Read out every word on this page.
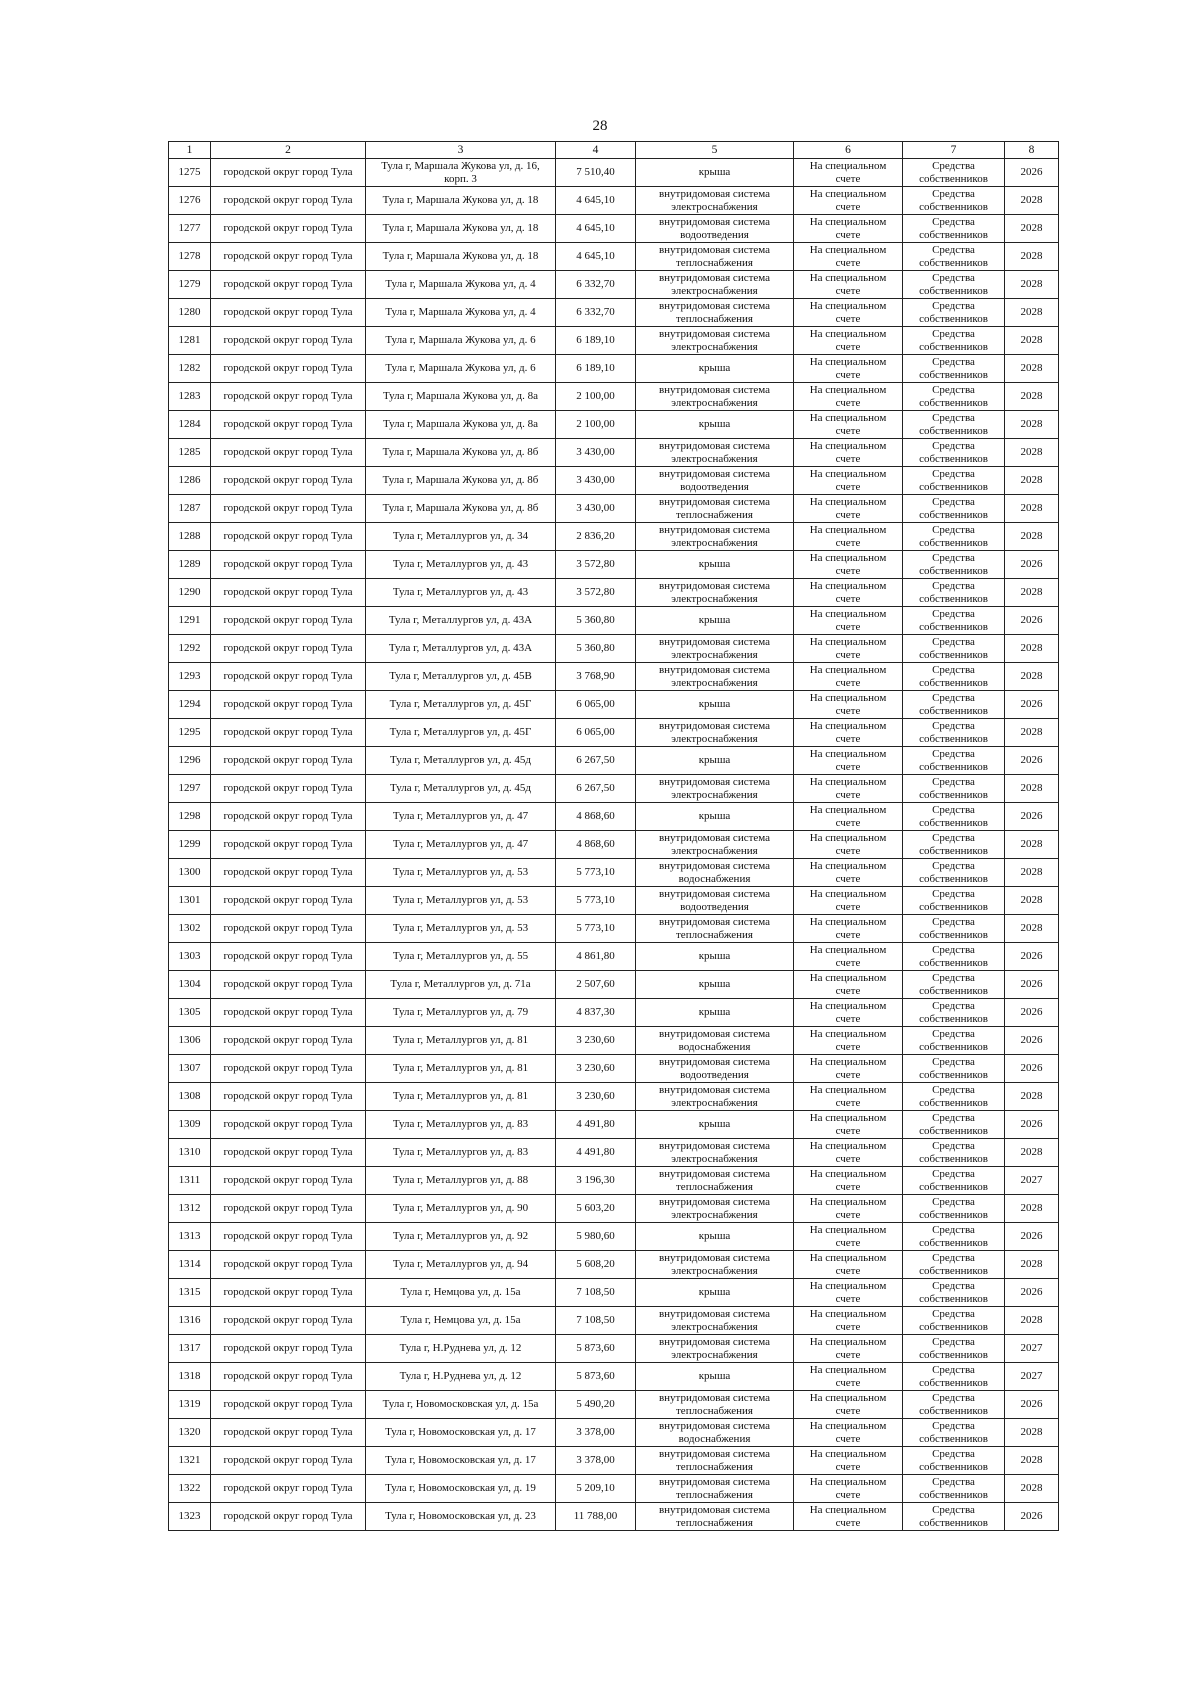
28
1	2	3	4	5	6	7	8
1275	городской округ город Тула	Тула г, Маршала Жукова ул, д. 16, корп. 3	7 510,40	крыша	На специальном счете	Средства собственников	2026
1276	городской округ город Тула	Тула г, Маршала Жукова ул, д. 18	4 645,10	внутридомовая система электроснабжения	На специальном счете	Средства собственников	2028
1277	городской округ город Тула	Тула г, Маршала Жукова ул, д. 18	4 645,10	внутридомовая система водоотведения	На специальном счете	Средства собственников	2028
1278	городской округ город Тула	Тула г, Маршала Жукова ул, д. 18	4 645,10	внутридомовая система теплоснабжения	На специальном счете	Средства собственников	2028
1279	городской округ город Тула	Тула г, Маршала Жукова ул, д. 4	6 332,70	внутридомовая система электроснабжения	На специальном счете	Средства собственников	2028
1280	городской округ город Тула	Тула г, Маршала Жукова ул, д. 4	6 332,70	внутридомовая система теплоснабжения	На специальном счете	Средства собственников	2028
1281	городской округ город Тула	Тула г, Маршала Жукова ул, д. 6	6 189,10	внутридомовая система электроснабжения	На специальном счете	Средства собственников	2028
1282	городской округ город Тула	Тула г, Маршала Жукова ул, д. 6	6 189,10	крыша	На специальном счете	Средства собственников	2028
1283	городской округ город Тула	Тула г, Маршала Жукова ул, д. 8а	2 100,00	внутридомовая система электроснабжения	На специальном счете	Средства собственников	2028
1284	городской округ город Тула	Тула г, Маршала Жукова ул, д. 8а	2 100,00	крыша	На специальном счете	Средства собственников	2028
1285	городской округ город Тула	Тула г, Маршала Жукова ул, д. 8б	3 430,00	внутридомовая система электроснабжения	На специальном счете	Средства собственников	2028
1286	городской округ город Тула	Тула г, Маршала Жукова ул, д. 8б	3 430,00	внутридомовая система водоотведения	На специальном счете	Средства собственников	2028
1287	городской округ город Тула	Тула г, Маршала Жукова ул, д. 8б	3 430,00	внутридомовая система теплоснабжения	На специальном счете	Средства собственников	2028
1288	городской округ город Тула	Тула г, Металлургов ул, д. 34	2 836,20	внутридомовая система электроснабжения	На специальном счете	Средства собственников	2028
1289	городской округ город Тула	Тула г, Металлургов ул, д. 43	3 572,80	крыша	На специальном счете	Средства собственников	2026
1290	городской округ город Тула	Тула г, Металлургов ул, д. 43	3 572,80	внутридомовая система электроснабжения	На специальном счете	Средства собственников	2028
1291	городской округ город Тула	Тула г, Металлургов ул, д. 43А	5 360,80	крыша	На специальном счете	Средства собственников	2026
1292	городской округ город Тула	Тула г, Металлургов ул, д. 43А	5 360,80	внутридомовая система электроснабжения	На специальном счете	Средства собственников	2028
1293	городской округ город Тула	Тула г, Металлургов ул, д. 45В	3 768,90	внутридомовая система электроснабжения	На специальном счете	Средства собственников	2028
1294	городской округ город Тула	Тула г, Металлургов ул, д. 45Г	6 065,00	крыша	На специальном счете	Средства собственников	2026
1295	городской округ город Тула	Тула г, Металлургов ул, д. 45Г	6 065,00	внутридомовая система электроснабжения	На специальном счете	Средства собственников	2028
1296	городской округ город Тула	Тула г, Металлургов ул, д. 45д	6 267,50	крыша	На специальном счете	Средства собственников	2026
1297	городской округ город Тула	Тула г, Металлургов ул, д. 45д	6 267,50	внутридомовая система электроснабжения	На специальном счете	Средства собственников	2028
1298	городской округ город Тула	Тула г, Металлургов ул, д. 47	4 868,60	крыша	На специальном счете	Средства собственников	2026
1299	городской округ город Тула	Тула г, Металлургов ул, д. 47	4 868,60	внутридомовая система электроснабжения	На специальном счете	Средства собственников	2028
1300	городской округ город Тула	Тула г, Металлургов ул, д. 53	5 773,10	внутридомовая система водоснабжения	На специальном счете	Средства собственников	2028
1301	городской округ город Тула	Тула г, Металлургов ул, д. 53	5 773,10	внутридомовая система водоотведения	На специальном счете	Средства собственников	2028
1302	городской округ город Тула	Тула г, Металлургов ул, д. 53	5 773,10	внутридомовая система теплоснабжения	На специальном счете	Средства собственников	2028
1303	городской округ город Тула	Тула г, Металлургов ул, д. 55	4 861,80	крыша	На специальном счете	Средства собственников	2026
1304	городской округ город Тула	Тула г, Металлургов ул, д. 71а	2 507,60	крыша	На специальном счете	Средства собственников	2026
1305	городской округ город Тула	Тула г, Металлургов ул, д. 79	4 837,30	крыша	На специальном счете	Средства собственников	2026
1306	городской округ город Тула	Тула г, Металлургов ул, д. 81	3 230,60	внутридомовая система водоснабжения	На специальном счете	Средства собственников	2026
1307	городской округ город Тула	Тула г, Металлургов ул, д. 81	3 230,60	внутридомовая система водоотведения	На специальном счете	Средства собственников	2026
1308	городской округ город Тула	Тула г, Металлургов ул, д. 81	3 230,60	внутридомовая система электроснабжения	На специальном счете	Средства собственников	2028
1309	городской округ город Тула	Тула г, Металлургов ул, д. 83	4 491,80	крыша	На специальном счете	Средства собственников	2026
1310	городской округ город Тула	Тула г, Металлургов ул, д. 83	4 491,80	внутридомовая система электроснабжения	На специальном счете	Средства собственников	2028
1311	городской округ город Тула	Тула г, Металлургов ул, д. 88	3 196,30	внутридомовая система теплоснабжения	На специальном счете	Средства собственников	2027
1312	городской округ город Тула	Тула г, Металлургов ул, д. 90	5 603,20	внутридомовая система электроснабжения	На специальном счете	Средства собственников	2028
1313	городской округ город Тула	Тула г, Металлургов ул, д. 92	5 980,60	крыша	На специальном счете	Средства собственников	2026
1314	городской округ город Тула	Тула г, Металлургов ул, д. 94	5 608,20	внутридомовая система электроснабжения	На специальном счете	Средства собственников	2028
1315	городской округ город Тула	Тула г, Немцова ул, д. 15а	7 108,50	крыша	На специальном счете	Средства собственников	2026
1316	городской округ город Тула	Тула г, Немцова ул, д. 15а	7 108,50	внутридомовая система электроснабжения	На специальном счете	Средства собственников	2028
1317	городской округ город Тула	Тула г, Н.Руднева ул, д. 12	5 873,60	внутридомовая система электроснабжения	На специальном счете	Средства собственников	2027
1318	городской округ город Тула	Тула г, Н.Руднева ул, д. 12	5 873,60	крыша	На специальном счете	Средства собственников	2027
1319	городской округ город Тула	Тула г, Новомосковская ул, д. 15а	5 490,20	внутридомовая система теплоснабжения	На специальном счете	Средства собственников	2026
1320	городской округ город Тула	Тула г, Новомосковская ул, д. 17	3 378,00	внутридомовая система водоснабжения	На специальном счете	Средства собственников	2028
1321	городской округ город Тула	Тула г, Новомосковская ул, д. 17	3 378,00	внутридомовая система теплоснабжения	На специальном счете	Средства собственников	2028
1322	городской округ город Тула	Тула г, Новомосковская ул, д. 19	5 209,10	внутридомовая система теплоснабжения	На специальном счете	Средства собственников	2028
1323	городской округ город Тула	Тула г, Новомосковская ул, д. 23	11 788,00	внутридомовая система теплоснабжения	На специальном счете	Средства собственников	2026
